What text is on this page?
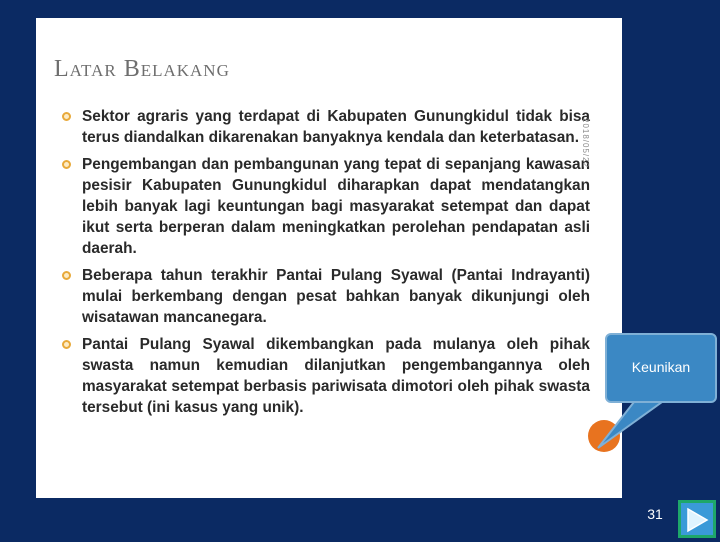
Latar Belakang
Sektor agraris yang terdapat di Kabupaten Gunungkidul tidak bisa terus diandalkan dikarenakan banyaknya kendala dan keterbatasan.
Pengembangan dan pembangunan yang tepat di sepanjang kawasan pesisir Kabupaten Gunungkidul diharapkan dapat mendatangkan lebih banyak lagi keuntungan bagi masyarakat setempat dan dapat ikut serta berperan dalam meningkatkan perolehan pendapatan asli daerah.
Beberapa tahun terakhir Pantai Pulang Syawal (Pantai Indrayanti) mulai berkembang dengan pesat bahkan banyak dikunjungi oleh wisatawan mancanegara.
Pantai Pulang Syawal dikembangkan pada mulanya oleh pihak swasta namun kemudian dilanjutkan pengembangannya oleh masyarakat setempat berbasis pariwisata dimotori oleh pihak swasta tersebut (ini kasus yang unik).
2018/05/22
Keunikan
31
